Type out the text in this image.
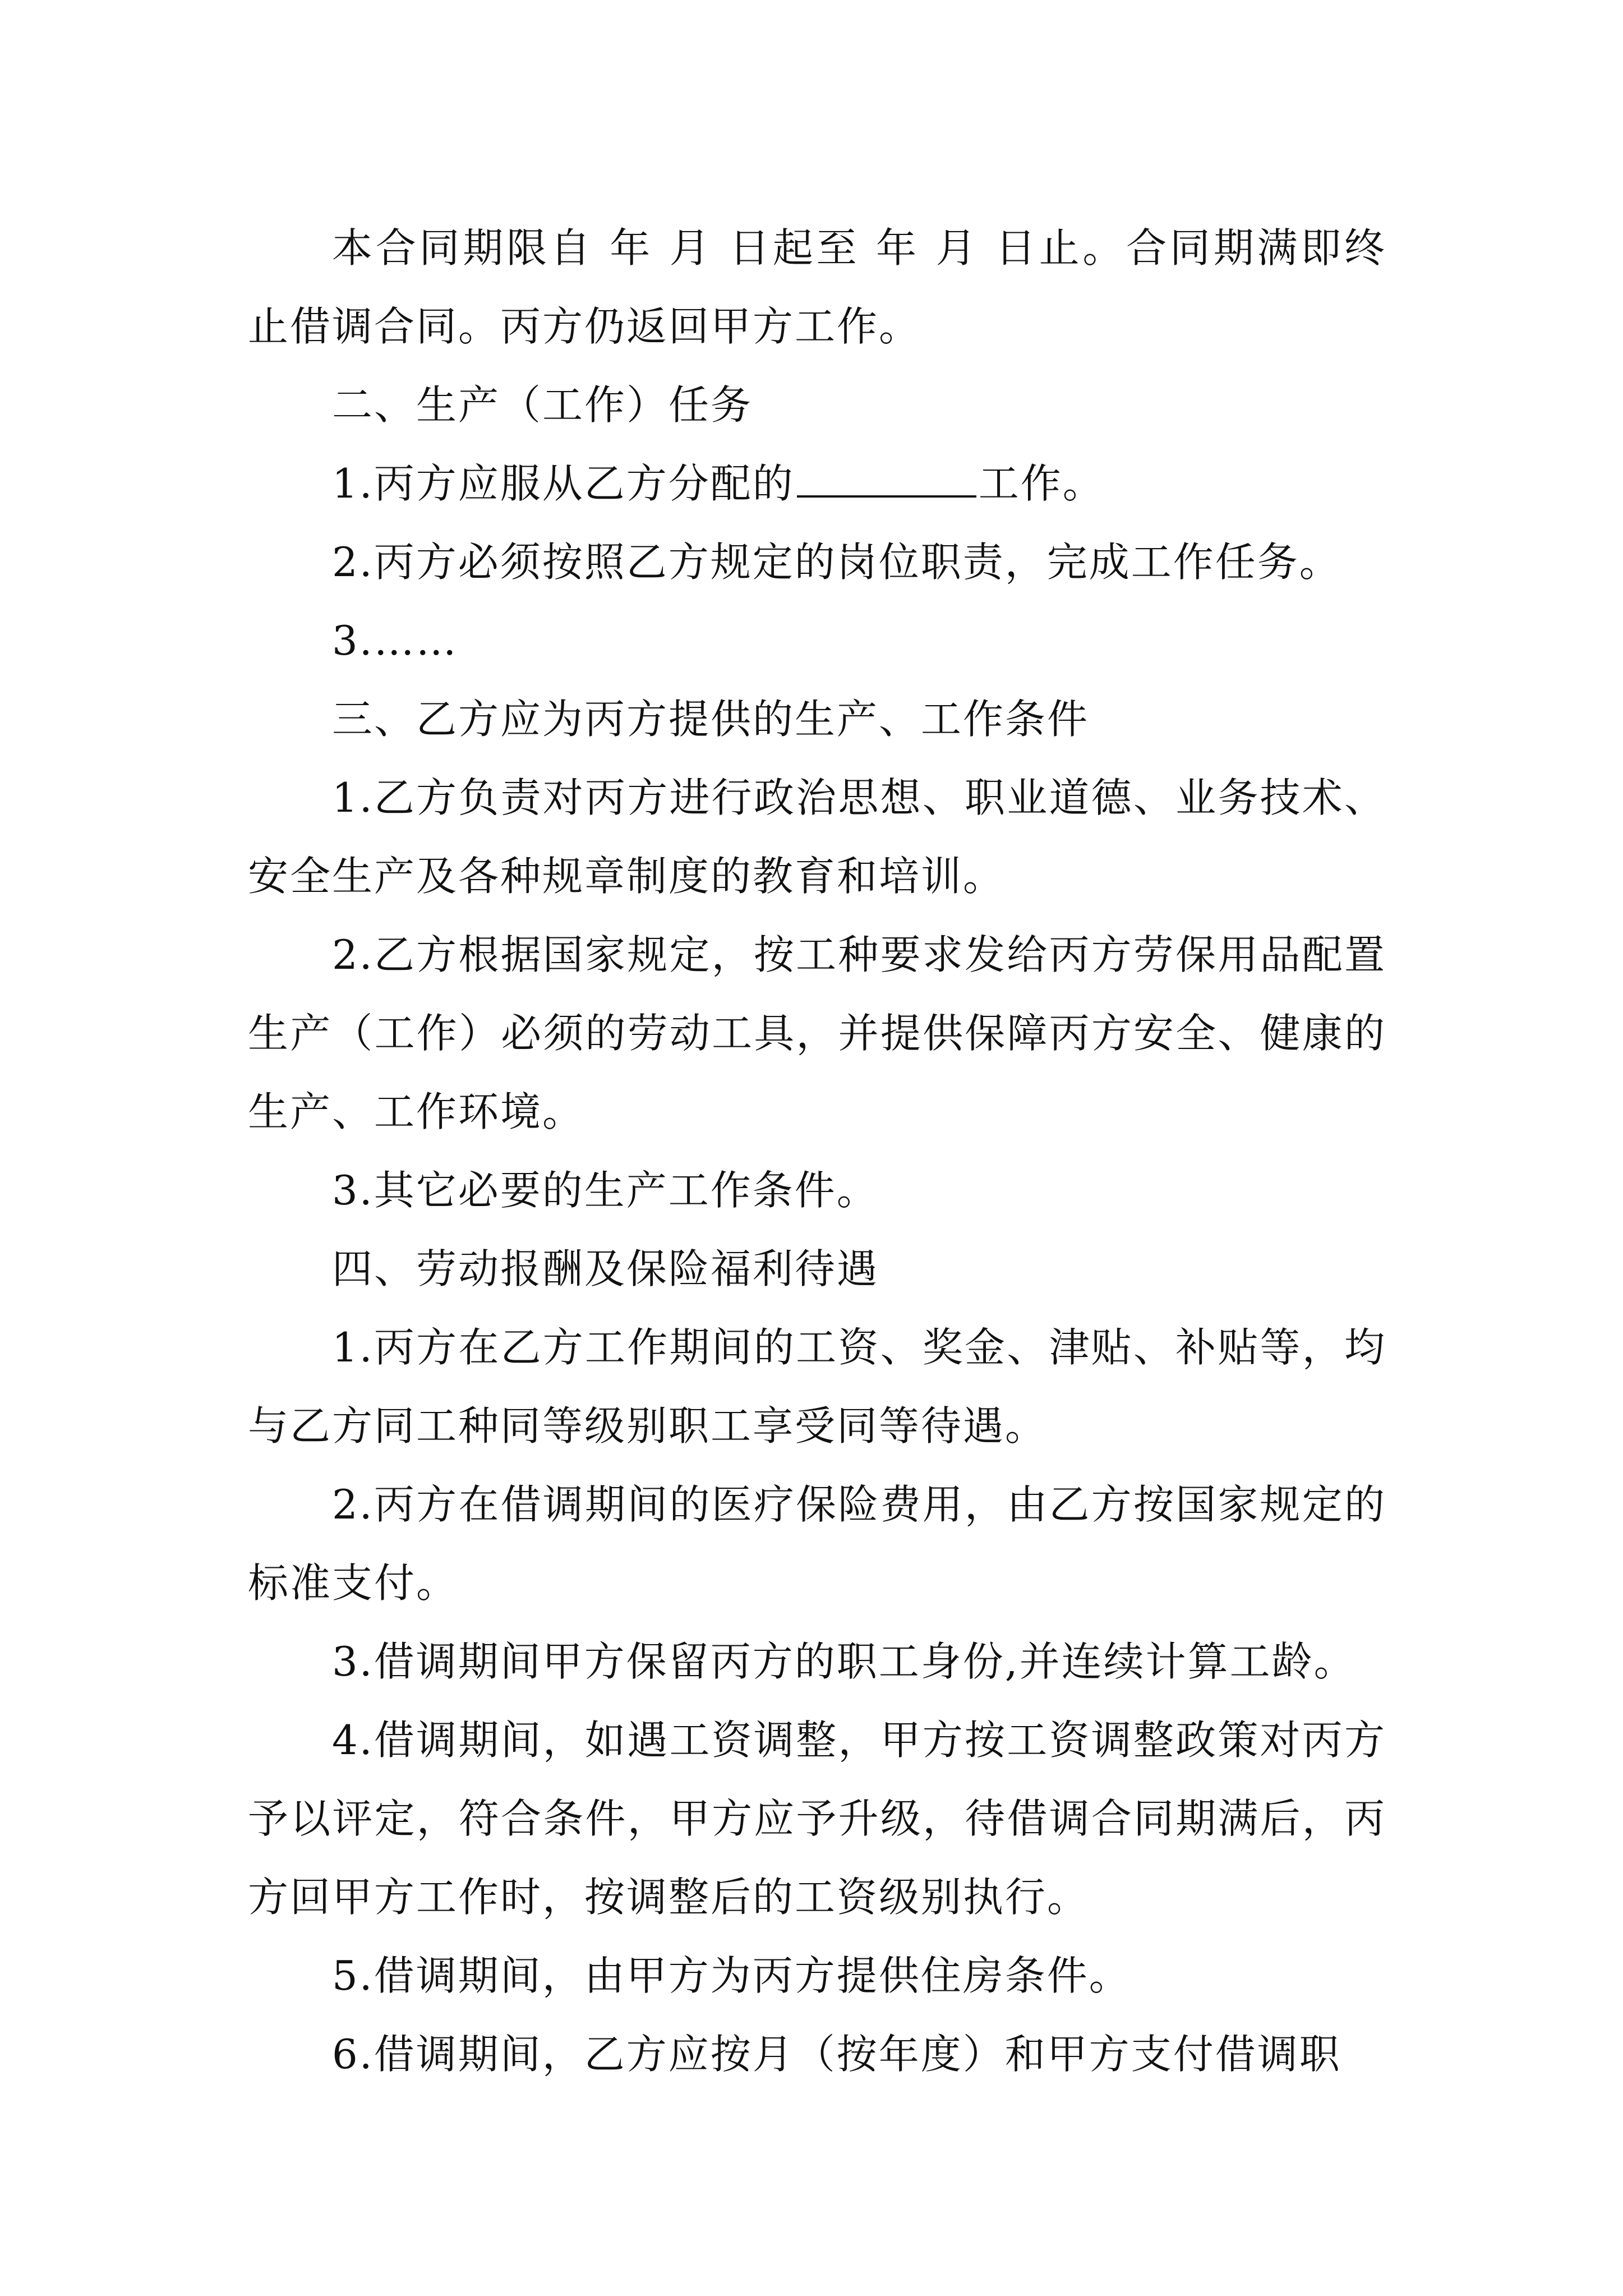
本合同期限自 年 月 日起至 年 月 日止。合同期满即终止借调合同。丙方仍返回甲方工作。

二、生产（工作）任务

1.丙方应服从乙方分配的	工作。

2.丙方必须按照乙方规定的岗位职责，完成工作任务。

3.……

三、乙方应为丙方提供的生产、工作条件

1.乙方负责对丙方进行政治思想、职业道德、业务技术、安全生产及各种规章制度的教育和培训。

2.乙方根据国家规定，按工种要求发给丙方劳保用品配置生产（工作）必须的劳动工具，并提供保障丙方安全、健康的生产、工作环境。

3.其它必要的生产工作条件。

四、劳动报酬及保险福利待遇

1.丙方在乙方工作期间的工资、奖金、津贴、补贴等，均与乙方同工种同等级别职工享受同等待遇。

2.丙方在借调期间的医疗保险费用，由乙方按国家规定的标准支付。

3.借调期间甲方保留丙方的职工身份,并连续计算工龄。

4.借调期间，如遇工资调整，甲方按工资调整政策对丙方予以评定，符合条件，甲方应予升级，待借调合同期满后，丙方回甲方工作时，按调整后的工资级别执行。

5.借调期间，由甲方为丙方提供住房条件。

6.借调期间，乙方应按月（按年度）和甲方支付借调职
